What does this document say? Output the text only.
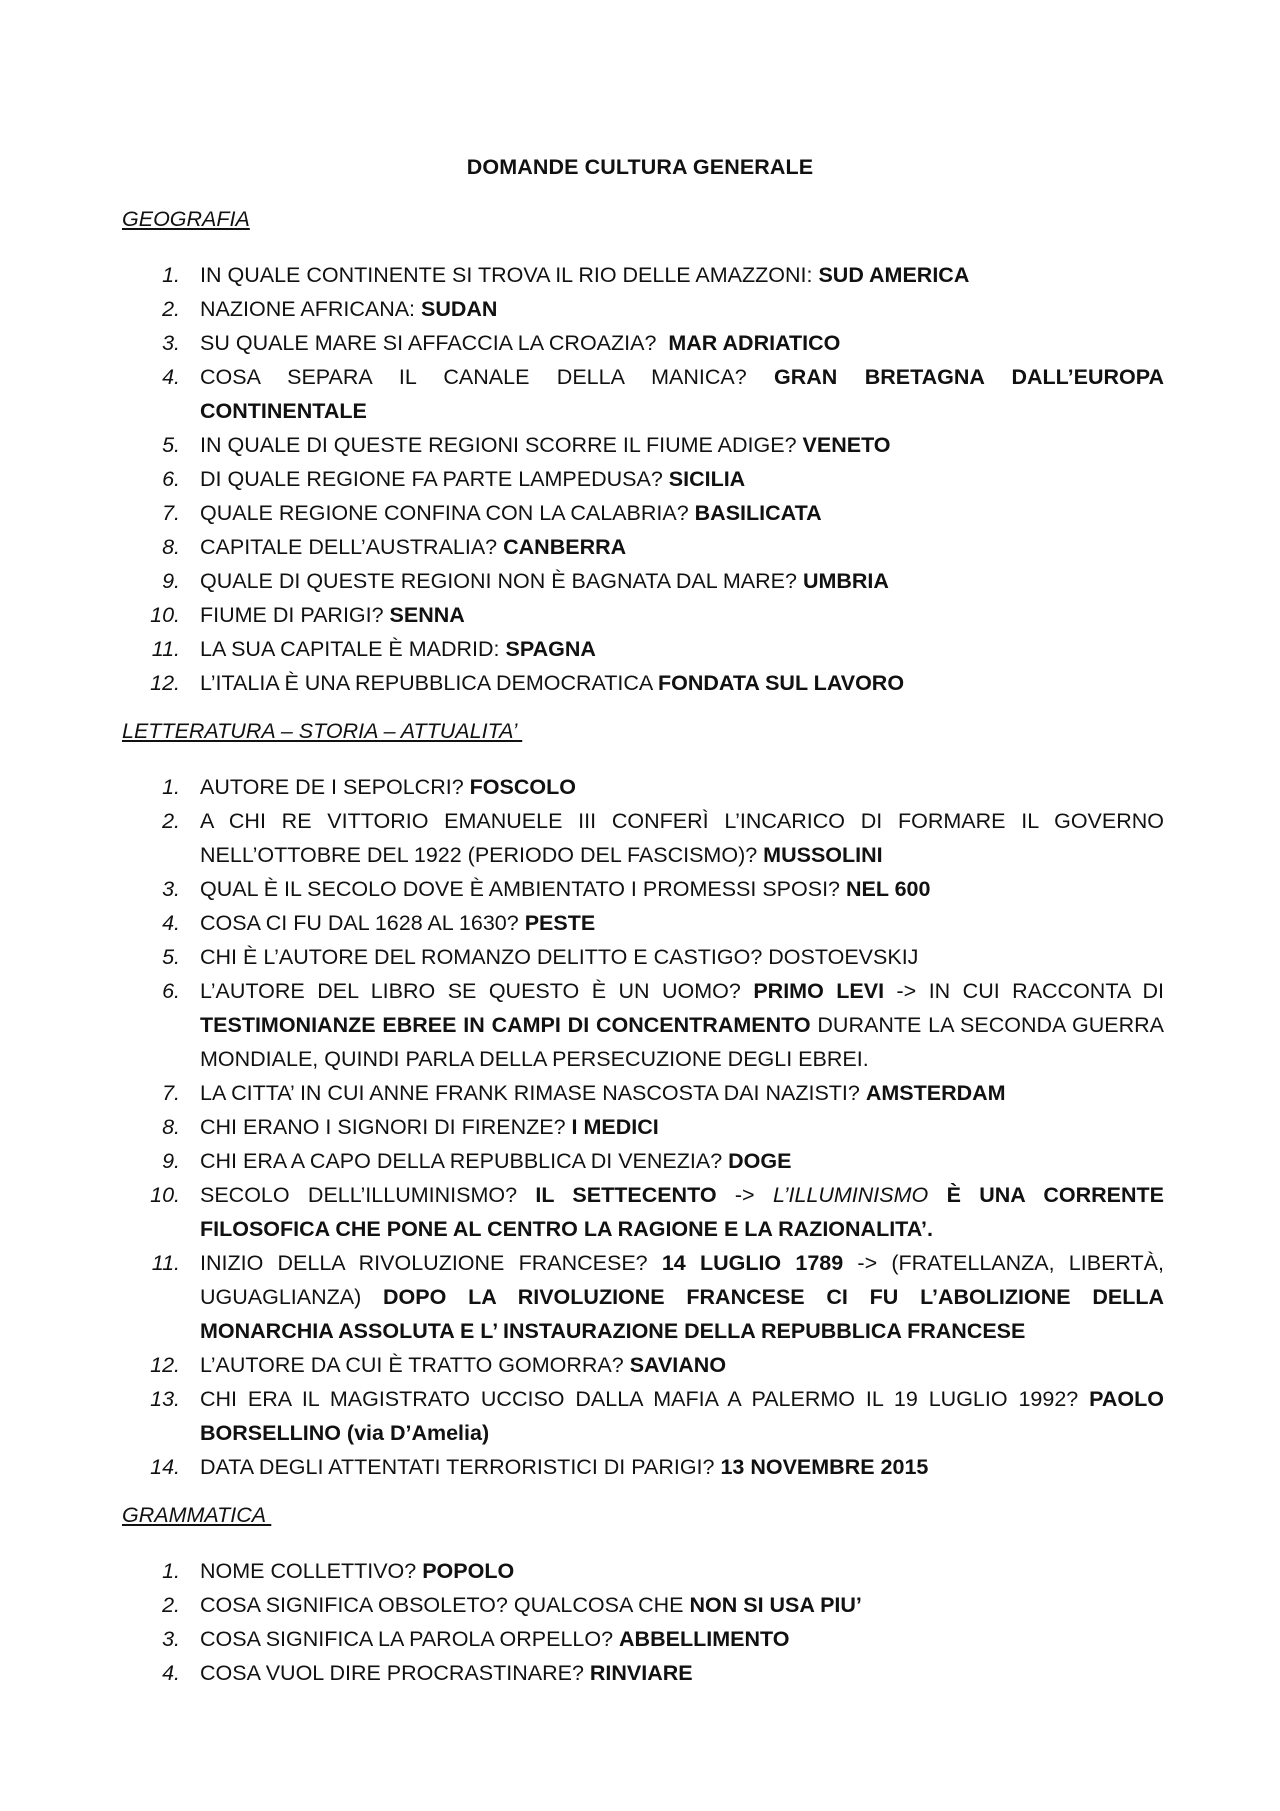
DOMANDE CULTURA GENERALE
GEOGRAFIA
1. IN QUALE CONTINENTE SI TROVA IL RIO DELLE AMAZZONI: SUD AMERICA
2. NAZIONE AFRICANA: SUDAN
3. SU QUALE MARE SI AFFACCIA LA CROAZIA?  MAR ADRIATICO
4. COSA SEPARA IL CANALE DELLA MANICA? GRAN BRETAGNA DALL’EUROPA CONTINENTALE
5. IN QUALE DI QUESTE REGIONI SCORRE IL FIUME ADIGE? VENETO
6. DI QUALE REGIONE FA PARTE LAMPEDUSA? SICILIA
7. QUALE REGIONE CONFINA CON LA CALABRIA? BASILICATA
8. CAPITALE DELL’AUSTRALIA? CANBERRA
9. QUALE DI QUESTE REGIONI NON È BAGNATA DAL MARE? UMBRIA
10. FIUME DI PARIGI? SENNA
11. LA SUA CAPITALE È MADRID: SPAGNA
12. L’ITALIA È UNA REPUBBLICA DEMOCRATICA FONDATA SUL LAVORO
LETTERATURA – STORIA – ATTUALITA’
1. AUTORE DE I SEPOLCRI? FOSCOLO
2. A CHI RE VITTORIO EMANUELE III CONFERÌ L’INCARICO DI FORMARE IL GOVERNO NELL’OTTOBRE DEL 1922 (PERIODO DEL FASCISMO)? MUSSOLINI
3. QUAL È IL SECOLO DOVE È AMBIENTATO I PROMESSI SPOSI? NEL 600
4. COSA CI FU DAL 1628 AL 1630? PESTE
5. CHI È L’AUTORE DEL ROMANZO DELITTO E CASTIGO? DOSTOEVSKIJ
6. L’AUTORE DEL LIBRO SE QUESTO È UN UOMO? PRIMO LEVI -> IN CUI RACCONTA DI TESTIMONIANZE EBREE IN CAMPI DI CONCENTRAMENTO DURANTE LA SECONDA GUERRA MONDIALE, QUINDI PARLA DELLA PERSECUZIONE DEGLI EBREI.
7. LA CITTA’ IN CUI ANNE FRANK RIMASE NASCOSTA DAI NAZISTI? AMSTERDAM
8. CHI ERANO I SIGNORI DI FIRENZE? I MEDICI
9. CHI ERA A CAPO DELLA REPUBBLICA DI VENEZIA? DOGE
10. SECOLO DELL’ILLUMINISMO? IL SETTECENTO -> L’ILLUMINISMO È UNA CORRENTE FILOSOFICA CHE PONE AL CENTRO LA RAGIONE E LA RAZIONALITA’.
11. INIZIO DELLA RIVOLUZIONE FRANCESE? 14 LUGLIO 1789 -> (FRATELLANZA, LIBERTÀ, UGUAGLIANZA) DOPO LA RIVOLUZIONE FRANCESE CI FU L’ABOLIZIONE DELLA MONARCHIA ASSOLUTA E L’ INSTAURAZIONE DELLA REPUBBLICA FRANCESE
12. L’AUTORE DA CUI È TRATTO GOMORRA? SAVIANO
13. CHI ERA IL MAGISTRATO UCCISO DALLA MAFIA A PALERMO IL 19 LUGLIO 1992? PAOLO BORSELLINO (via D’Amelia)
14. DATA DEGLI ATTENTATI TERRORISTICI DI PARIGI? 13 NOVEMBRE 2015
GRAMMATICA
1. NOME COLLETTIVO? POPOLO
2. COSA SIGNIFICA OBSOLETO? QUALCOSA CHE NON SI USA PIU’
3. COSA SIGNIFICA LA PAROLA ORPELLO? ABBELLIMENTO
4. COSA VUOL DIRE PROCRASTINARE? RINVIARE
